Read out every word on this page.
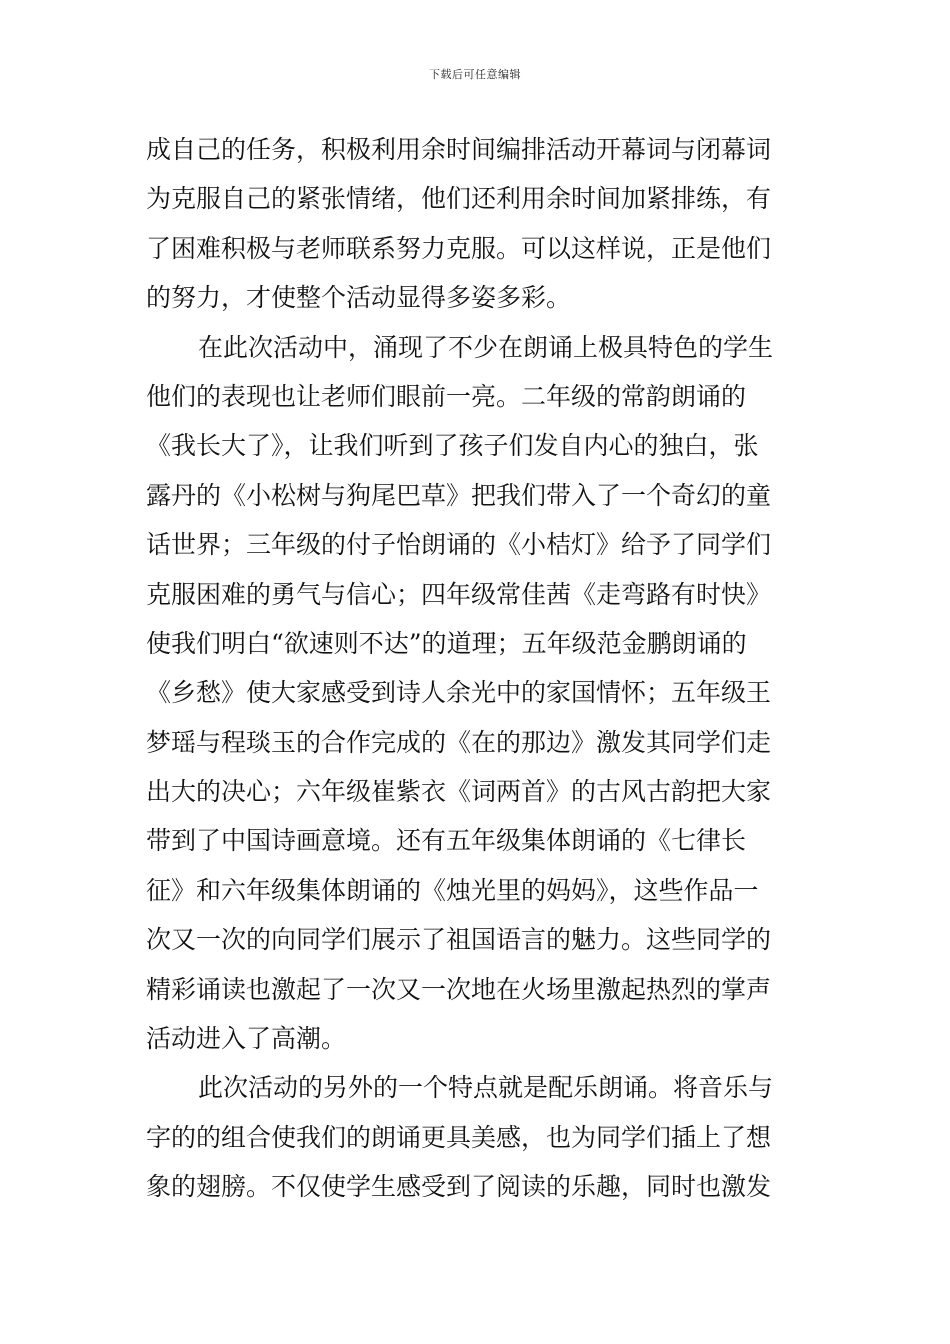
下载后可任意编辑
成自己的任务，积极利用余时间编排活动开幕词与闭幕词
为克服自己的紧张情绪，他们还利用余时间加紧排练，有
了困难积极与老师联系努力克服。可以这样说，正是他们
的努力，才使整个活动显得多姿多彩。
在此次活动中，涌现了不少在朗诵上极具特色的学生
他们的表现也让老师们眼前一亮。二年级的常韵朗诵的
《我长大了》，让我们听到了孩子们发自内心的独白，张
露丹的《小松树与狗尾巴草》把我们带入了一个奇幻的童
话世界；三年级的付子怡朗诵的《小桔灯》给予了同学们
克服困难的勇气与信心；四年级常佳茜《走弯路有时快》
使我们明白“欲速则不达”的道理；五年级范金鹏朗诵的
《乡愁》使大家感受到诗人余光中的家国情怀；五年级王
梦瑶与程琰玉的合作完成的《在的那边》激发其同学们走
出大的决心；六年级崔紫衣《词两首》的古风古韵把大家
带到了中国诗画意境。还有五年级集体朗诵的《七律长
征》和六年级集体朗诵的《烛光里的妈妈》，这些作品一
次又一次的向同学们展示了祖国语言的魅力。这些同学的
精彩诵读也激起了一次又一次地在火场里激起热烈的掌声
活动进入了高潮。
此次活动的另外的一个特点就是配乐朗诵。将音乐与
字的的组合使我们的朗诵更具美感，也为同学们插上了想
象的翅膀。不仅使学生感受到了阅读的乐趣，同时也激发
